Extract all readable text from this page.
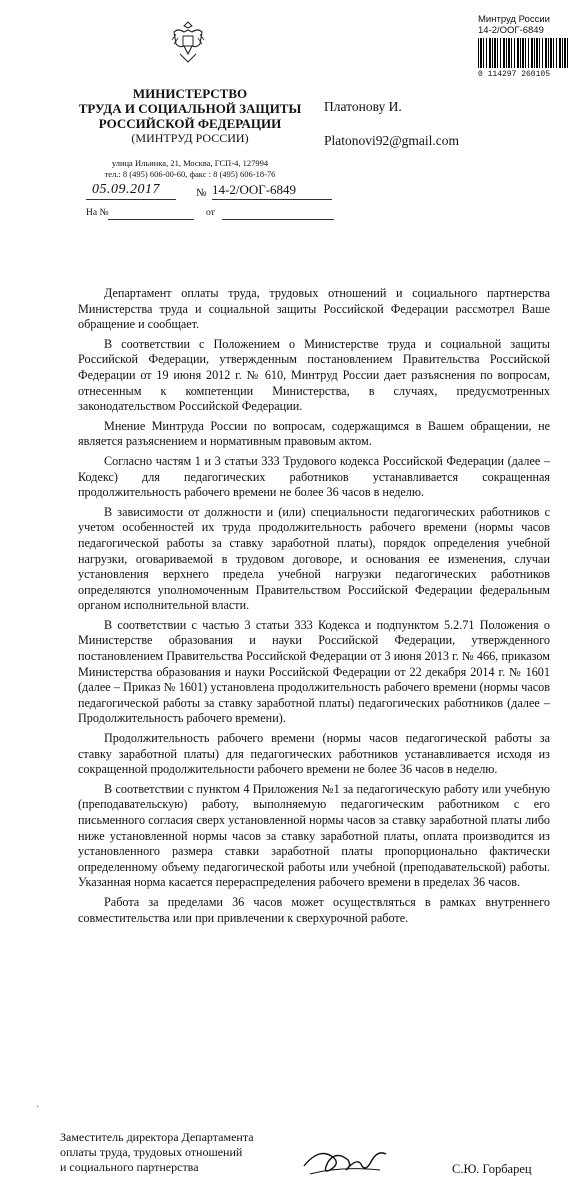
МИНИСТЕРСТВО
ТРУДА И СОЦИАЛЬНОЙ ЗАЩИТЫ
РОССИЙСКОЙ ФЕДЕРАЦИИ
(МИНТРУД РОССИИ)
улица Ильинка, 21, Москва, ГСП-4, 127994
тел.: 8 (495) 606-00-60, факс : 8 (495) 606-18-76
05.09.2017	№ 14-2/ООГ-6849
На №	от
Платонову И.
Platonovi92@gmail.com
Минтруд России
14-2/ООГ-6849
0 114297 260105

Департамент оплаты труда, трудовых отношений и социального партнерства Министерства труда и социальной защиты Российской Федерации рассмотрел Ваше обращение и сообщает.

В соответствии с Положением о Министерстве труда и социальной защиты Российской Федерации, утвержденным постановлением Правительства Российской Федерации от 19 июня 2012 г. № 610, Минтруд России дает разъяснения по вопросам, отнесенным к компетенции Министерства, в случаях, предусмотренных законодательством Российской Федерации.

Мнение Минтруда России по вопросам, содержащимся в Вашем обращении, не является разъяснением и нормативным правовым актом.

Согласно частям 1 и 3 статьи 333 Трудового кодекса Российской Федерации (далее – Кодекс) для педагогических работников устанавливается сокращенная продолжительность рабочего времени не более 36 часов в неделю.

В зависимости от должности и (или) специальности педагогических работников с учетом особенностей их труда продолжительность рабочего времени (нормы часов педагогической работы за ставку заработной платы), порядок определения учебной нагрузки, оговариваемой в трудовом договоре, и основания ее изменения, случаи установления верхнего предела учебной нагрузки педагогических работников определяются уполномоченным Правительством Российской Федерации федеральным органом исполнительной власти.

В соответствии с частью 3 статьи 333 Кодекса и подпунктом 5.2.71 Положения о Министерстве образования и науки Российской Федерации, утвержденного постановлением Правительства Российской Федерации от 3 июня 2013 г. № 466, приказом Министерства образования и науки Российской Федерации от 22 декабря 2014 г. № 1601 (далее – Приказ № 1601) установлена продолжительность рабочего времени (нормы часов педагогической работы за ставку заработной платы) педагогических работников (далее – Продолжительность рабочего времени).

Продолжительность рабочего времени (нормы часов педагогической работы за ставку заработной платы) для педагогических работников устанавливается исходя из сокращенной продолжительности рабочего времени не более 36 часов в неделю.

В соответствии с пунктом 4 Приложения №1 за педагогическую работу или учебную (преподавательскую) работу, выполняемую педагогическим работником с его письменного согласия сверх установленной нормы часов за ставку заработной платы либо ниже установленной нормы часов за ставку заработной платы, оплата производится из установленного размера ставки заработной платы пропорционально фактически определенному объему педагогической работы или учебной (преподавательской) работы. Указанная норма касается перераспределения рабочего времени в пределах 36 часов.

Работа за пределами 36 часов может осуществляться в рамках внутреннего совместительства или при привлечении к сверхурочной работе.

·
Заместитель директора Департамента
оплаты труда, трудовых отношений
и социального партнерства	С.Ю. Горбарец
